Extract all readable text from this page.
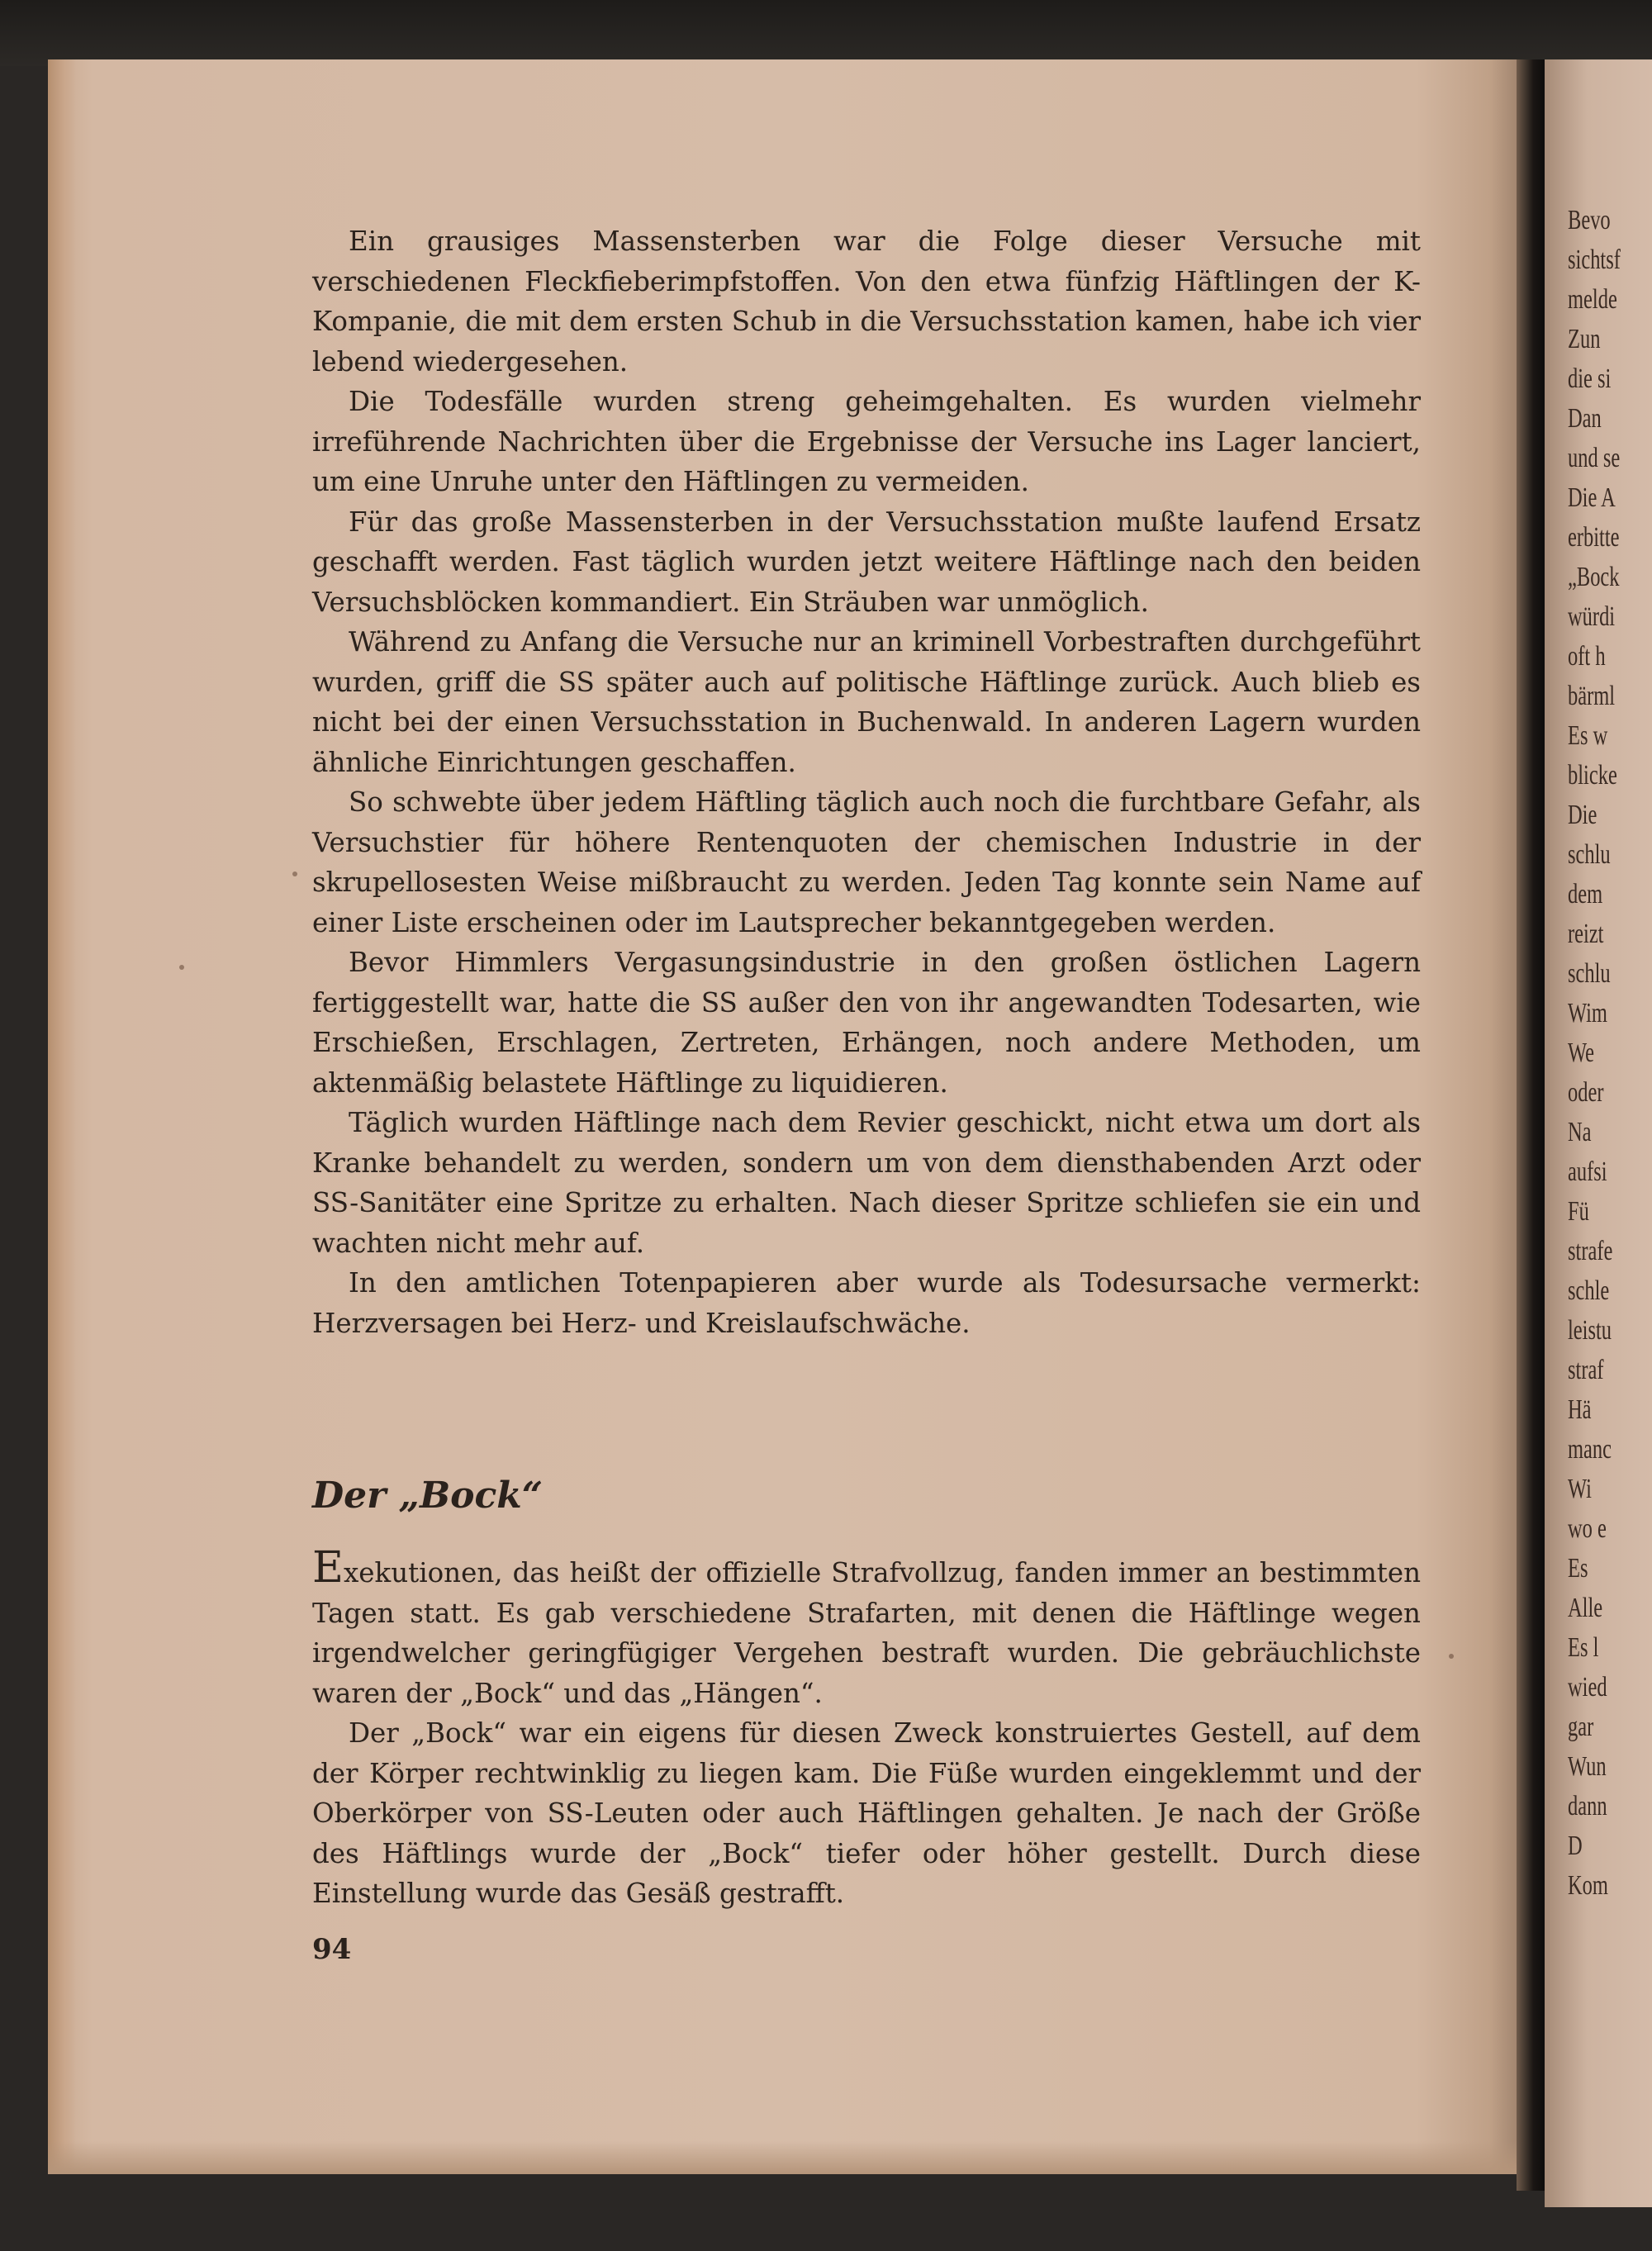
Bevo
sichtsf
melde
Zun
die si
Dan
und se
Die A
erbitte
„Bock
würdi
oft h
bärml
Es w
blicke
Die
schlu
dem
reizt
schlu
Wim
We
oder
Na
aufsi
Fü
strafe
schle
leistu
straf
Hä
manc
Wi
wo e
Es
Alle
Es l
wied
gar
Wun
dann
D
Kom

Ein grausiges Massensterben war die Folge dieser Versuche mit verschiedenen Fleckfieberimpfstoffen. Von den etwa fünfzig Häftlingen der K-Kompanie, die mit dem ersten Schub in die Versuchsstation kamen, habe ich vier lebend wiedergesehen.

Die Todesfälle wurden streng geheimgehalten. Es wurden vielmehr irreführende Nachrichten über die Ergebnisse der Versuche ins Lager lanciert, um eine Unruhe unter den Häftlingen zu vermeiden.

Für das große Massensterben in der Versuchsstation mußte laufend Ersatz geschafft werden. Fast täglich wurden jetzt weitere Häftlinge nach den beiden Versuchsblöcken kommandiert. Ein Sträuben war unmöglich.

Während zu Anfang die Versuche nur an kriminell Vorbestraften durchgeführt wurden, griff die SS später auch auf politische Häftlinge zurück. Auch blieb es nicht bei der einen Versuchsstation in Buchenwald. In anderen Lagern wurden ähnliche Einrichtungen geschaffen.

So schwebte über jedem Häftling täglich auch noch die furchtbare Gefahr, als Versuchstier für höhere Rentenquoten der chemischen Industrie in der skrupellosesten Weise mißbraucht zu werden. Jeden Tag konnte sein Name auf einer Liste erscheinen oder im Lautsprecher bekanntgegeben werden.

Bevor Himmlers Vergasungsindustrie in den großen östlichen Lagern fertiggestellt war, hatte die SS außer den von ihr angewandten Todesarten, wie Erschießen, Erschlagen, Zertreten, Erhängen, noch andere Methoden, um aktenmäßig belastete Häftlinge zu liquidieren.

Täglich wurden Häftlinge nach dem Revier geschickt, nicht etwa um dort als Kranke behandelt zu werden, sondern um von dem diensthabenden Arzt oder SS-Sanitäter eine Spritze zu erhalten. Nach dieser Spritze schliefen sie ein und wachten nicht mehr auf.

In den amtlichen Totenpapieren aber wurde als Todesursache vermerkt: Herzversagen bei Herz- und Kreislaufschwäche.

Der „Bock“

Exekutionen, das heißt der offizielle Strafvollzug, fanden immer an bestimmten Tagen statt. Es gab verschiedene Strafarten, mit denen die Häftlinge wegen irgendwelcher geringfügiger Vergehen bestraft wurden. Die gebräuchlichste waren der „Bock“ und das „Hängen“.

Der „Bock“ war ein eigens für diesen Zweck konstruiertes Gestell, auf dem der Körper rechtwinklig zu liegen kam. Die Füße wurden eingeklemmt und der Oberkörper von SS-Leuten oder auch Häftlingen gehalten. Je nach der Größe des Häftlings wurde der „Bock“ tiefer oder höher gestellt. Durch diese Einstellung wurde das Gesäß gestrafft.

94
